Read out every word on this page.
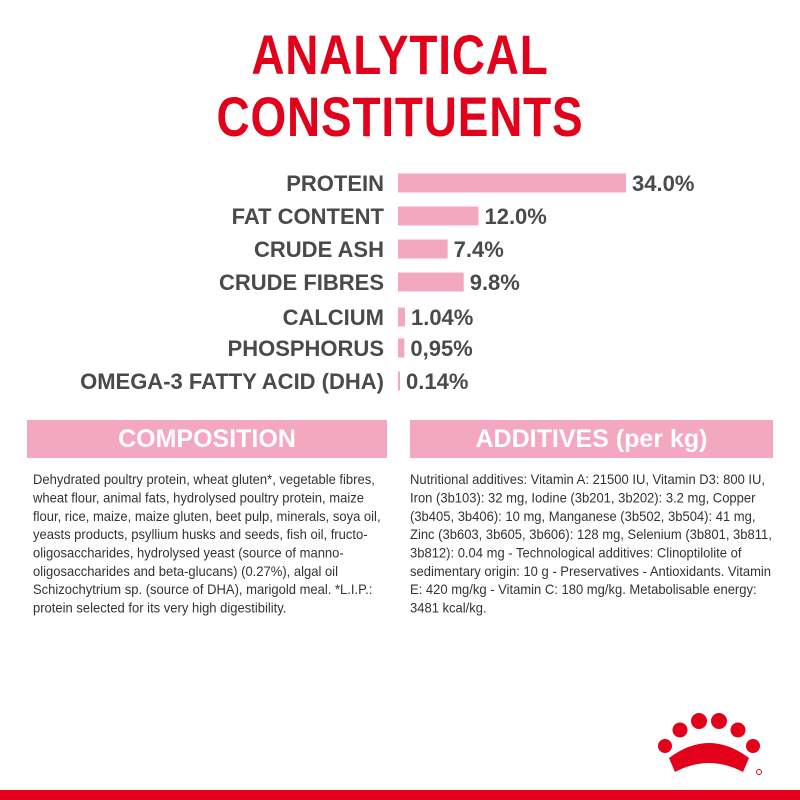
ANALYTICAL
CONSTITUENTS
PROTEIN	34.0%
FAT CONTENT	12.0%
CRUDE ASH	7.4%
CRUDE FIBRES	9.8%
CALCIUM 1.04%
PHOSPHORUS 0,95%
OMEGA-3 FATTY ACID (DHA) 0.14%
COMPOSITION	ADDITIVES (per kg)
Dehydrated poultry protein, wheat gluten*, vegetable fibres, wheat flour, animal fats, hydrolysed poultry protein, maize flour, rice, maize, maize gluten, beet pulp, minerals, soya oil, yeasts products, psyllium husks and seeds, fish oil, fructo-oligosaccharides, hydrolysed yeast (source of manno-oligosaccharides and beta-glucans) (0.27%), algal oil Schizochytrium sp. (source of DHA), marigold meal. *L.I.P.: protein selected for its very high digestibility.
Nutritional additives: Vitamin A: 21500 IU, Vitamin D3: 800 IU, Iron (3b103): 32 mg, Iodine (3b201, 3b202): 3.2 mg, Copper (3b405, 3b406): 10 mg, Manganese (3b502, 3b504): 41 mg, Zinc (3b603, 3b605, 3b606): 128 mg, Selenium (3b801, 3b811, 3b812): 0.04 mg - Technological additives: Clinoptilolite of sedimentary origin: 10 g - Preservatives - Antioxidants. Vitamin E: 420 mg/kg - Vitamin C: 180 mg/kg. Metabolisable energy: 3481 kcal/kg.
